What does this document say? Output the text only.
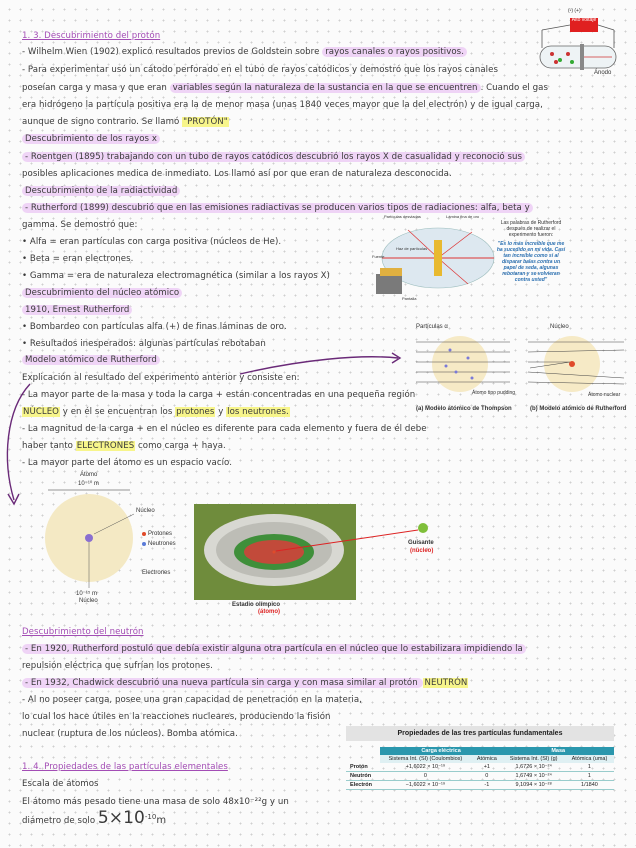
1. 3. Descubrimiento del protón
- Wilhelm Wien (1902) explicó resultados previos de Goldstein sobre rayos canales o rayos positivos.
- Para experimentar usó un cátodo perforado en el tubo de rayos catódicos y demostró que los rayos canales
poseían carga y masa y que eran variables según la naturaleza de la sustancia en la que se encuentren . Cuando el gas
era hidrógeno la partícula positiva era la de menor masa (unas 1840 veces mayor que la del electrón) y de igual carga,
aunque de signo contrario. Se llamó "PROTÓN"
Descubrimiento de los rayos x
- Roentgen (1895) trabajando con un tubo de rayos catódicos descubrió los rayos X de casualidad y reconoció sus
posibles aplicaciones medica de inmediato. Los llamó así por que eran de naturaleza desconocida.
Descubrimiento de la radiactividad
- Rutherford (1899) descubrió que en las emisiones radiactivas se producen varios tipos de radiaciones: alfa, beta y
gamma. Se demostró que:
• Alfa = eran partículas con carga positiva (núcleos de He).
• Beta = eran electrones.
• Gamma = era de naturaleza electromagnética (similar a los rayos X)
Descubrimiento del núcleo atómico
1910, Ernest Rutherford
• Bombardeo con partículas alfa (+) de finas láminas de oro.
• Resultados inesperados: algunas partículas rebotaban
Modelo atómico de Rutherford
Explicación al resultado del experimento anterior y consiste en:
- La mayor parte de la masa y toda la carga + están concentradas en una pequeña región
NÚCLEO y en él se encuentran los protones y los neutrones.
- La magnitud de la carga + en el núcleo es diferente para cada elemento y fuera de él debe
haber tanto ELECTRONES como carga + haya.
- La mayor parte del átomo es un espacio vacío.
Descubrimiento del neutrón
- En 1920, Rutherford postuló que debía existir alguna otra partícula en el núcleo que lo estabilizara impidiendo la
repulsión eléctrica que sufrían los protones.
- En 1932, Chadwick descubrió una nueva partícula sin carga y con masa similar al protón NEUTRÓN
- Al no poseer carga, posee una gran capacidad de penetración en la materia,
lo cual los hace útiles en la reacciones nucleares, produciendo la fisión
nuclear (ruptura de los núcleos). Bomba atómica.
1. 4. Propiedades de las partículas elementales
Escala de átomos
El átomo más pesado tiene una masa de solo 48x10⁻²²g y un
diámetro de solo $5\times 10^{-10}m$
Alto voltaje
(-) (+)
Ánodo
Partículas desviadas	Lámina fina de oro
Fuente
Haz de partículas
Pantalla
Las palabras de Rutherford después de realizar el experimento fueron:
"Es lo más increíble que me ha sucedido en mi vida. Casi tan increíble como si al disparar balas contra un papel de seda, algunas rebotaran y se volvieran contra usted"
Partículas α	Núcleo
Átomo tipo pudding	Átomo nuclear
(a) Modelo atómico de Thompson	(b) Modelo atómico de Rutherford
Átomo
10⁻¹⁰ m
Núcleo
Protones
Neutrones
Electrones
10⁻¹⁵ m
Núcleo
Estadio olímpico
(átomo)
Guisante
(núcleo)
Propiedades de las tres partículas fundamentales
	Carga eléctrica		Masa	
	Sistema Int. (SI) (Coulombios)	Atómica	Sistema Int. (SI) (g)	Atómica (uma)
Protón	+1,6022 × 10⁻¹⁹	+1	1,6726 × 10⁻²⁴	1
Neutrón	0	0	1,6749 × 10⁻²⁴	1
Electrón	−1,6022 × 10⁻¹⁹	-1	9,1094 × 10⁻²⁸	1/1840
